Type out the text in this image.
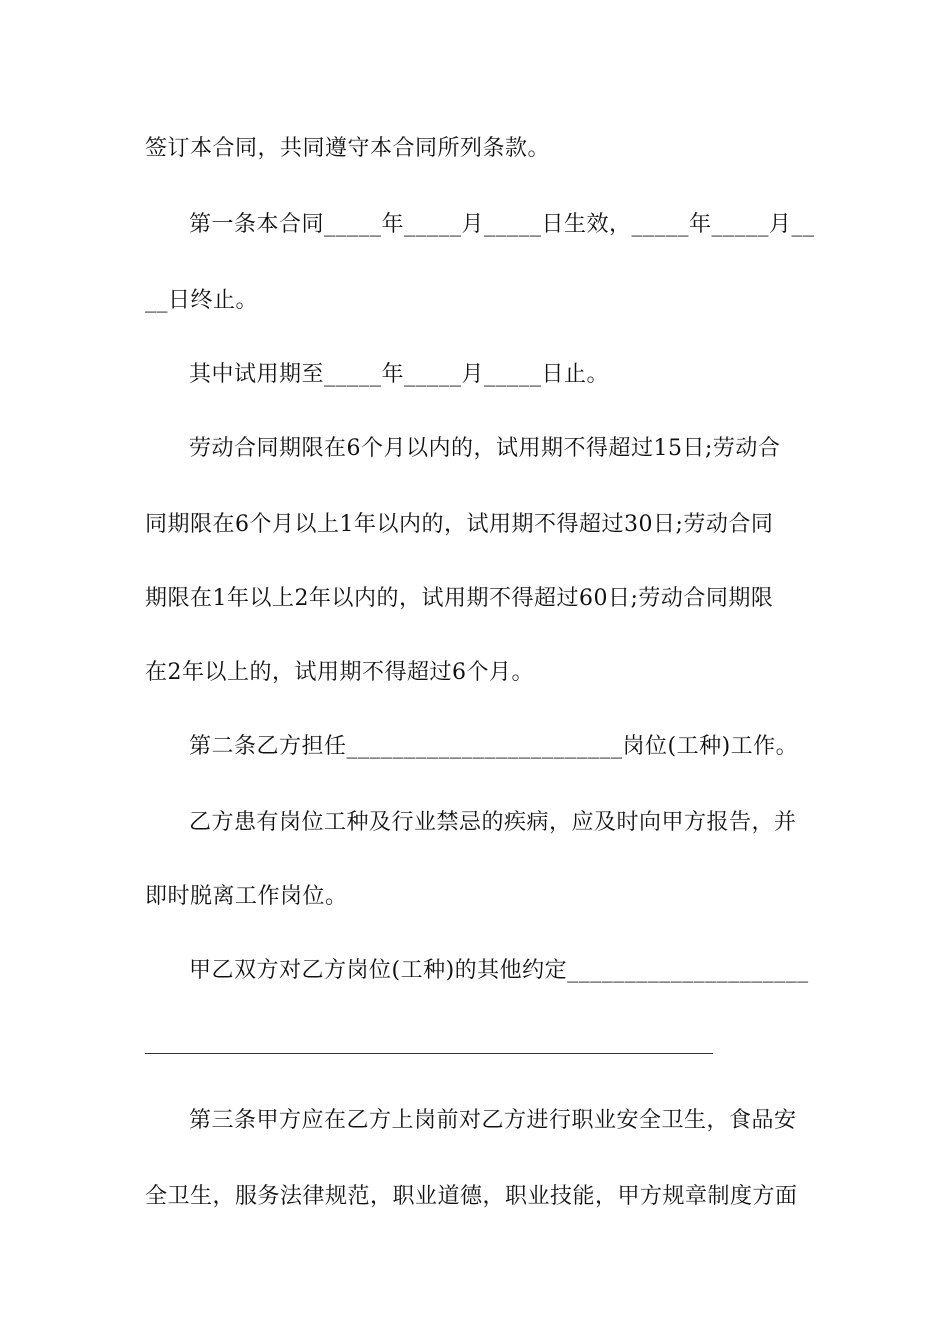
签订本合同，共同遵守本合同所列条款。
第一条本合同_____年_____月_____日生效，_____年_____月__
__日终止。
其中试用期至_____年_____月_____日止。
劳动合同期限在6个月以内的，试用期不得超过15日;劳动合
同期限在6个月以上1年以内的，试用期不得超过30日;劳动合同
期限在1年以上2年以内的，试用期不得超过60日;劳动合同期限
在2年以上的，试用期不得超过6个月。
第二条乙方担任________________________岗位(工种)工作。
乙方患有岗位工种及行业禁忌的疾病，应及时向甲方报告，并
即时脱离工作岗位。
甲乙双方对乙方岗位(工种)的其他约定_____________________
第三条甲方应在乙方上岗前对乙方进行职业安全卫生，食品安
全卫生，服务法律规范，职业道德，职业技能，甲方规章制度方面
